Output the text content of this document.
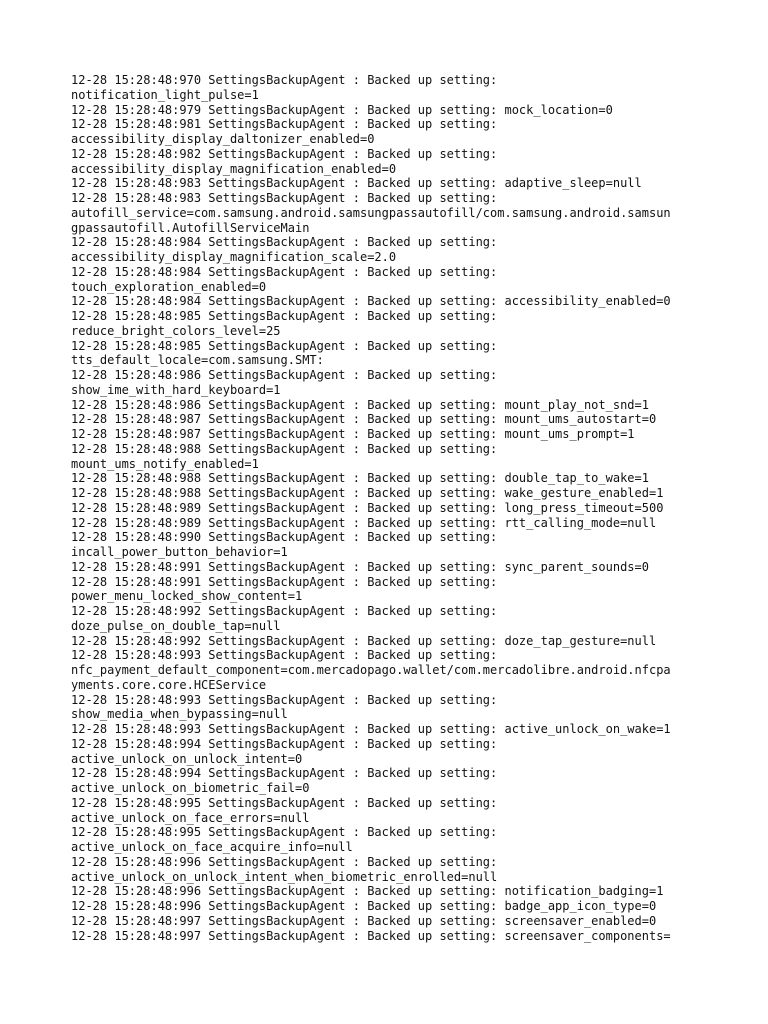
12-28 15:28:48:970 SettingsBackupAgent : Backed up setting:
notification_light_pulse=1
12-28 15:28:48:979 SettingsBackupAgent : Backed up setting: mock_location=0
12-28 15:28:48:981 SettingsBackupAgent : Backed up setting:
accessibility_display_daltonizer_enabled=0
12-28 15:28:48:982 SettingsBackupAgent : Backed up setting:
accessibility_display_magnification_enabled=0
12-28 15:28:48:983 SettingsBackupAgent : Backed up setting: adaptive_sleep=null
12-28 15:28:48:983 SettingsBackupAgent : Backed up setting:
autofill_service=com.samsung.android.samsungpassautofill/com.samsung.android.samsun
gpassautofill.AutofillServiceMain
12-28 15:28:48:984 SettingsBackupAgent : Backed up setting:
accessibility_display_magnification_scale=2.0
12-28 15:28:48:984 SettingsBackupAgent : Backed up setting:
touch_exploration_enabled=0
12-28 15:28:48:984 SettingsBackupAgent : Backed up setting: accessibility_enabled=0
12-28 15:28:48:985 SettingsBackupAgent : Backed up setting:
reduce_bright_colors_level=25
12-28 15:28:48:985 SettingsBackupAgent : Backed up setting:
tts_default_locale=com.samsung.SMT:
12-28 15:28:48:986 SettingsBackupAgent : Backed up setting:
show_ime_with_hard_keyboard=1
12-28 15:28:48:986 SettingsBackupAgent : Backed up setting: mount_play_not_snd=1
12-28 15:28:48:987 SettingsBackupAgent : Backed up setting: mount_ums_autostart=0
12-28 15:28:48:987 SettingsBackupAgent : Backed up setting: mount_ums_prompt=1
12-28 15:28:48:988 SettingsBackupAgent : Backed up setting:
mount_ums_notify_enabled=1
12-28 15:28:48:988 SettingsBackupAgent : Backed up setting: double_tap_to_wake=1
12-28 15:28:48:988 SettingsBackupAgent : Backed up setting: wake_gesture_enabled=1
12-28 15:28:48:989 SettingsBackupAgent : Backed up setting: long_press_timeout=500
12-28 15:28:48:989 SettingsBackupAgent : Backed up setting: rtt_calling_mode=null
12-28 15:28:48:990 SettingsBackupAgent : Backed up setting:
incall_power_button_behavior=1
12-28 15:28:48:991 SettingsBackupAgent : Backed up setting: sync_parent_sounds=0
12-28 15:28:48:991 SettingsBackupAgent : Backed up setting:
power_menu_locked_show_content=1
12-28 15:28:48:992 SettingsBackupAgent : Backed up setting:
doze_pulse_on_double_tap=null
12-28 15:28:48:992 SettingsBackupAgent : Backed up setting: doze_tap_gesture=null
12-28 15:28:48:993 SettingsBackupAgent : Backed up setting:
nfc_payment_default_component=com.mercadopago.wallet/com.mercadolibre.android.nfcpa
yments.core.core.HCEService
12-28 15:28:48:993 SettingsBackupAgent : Backed up setting:
show_media_when_bypassing=null
12-28 15:28:48:993 SettingsBackupAgent : Backed up setting: active_unlock_on_wake=1
12-28 15:28:48:994 SettingsBackupAgent : Backed up setting:
active_unlock_on_unlock_intent=0
12-28 15:28:48:994 SettingsBackupAgent : Backed up setting:
active_unlock_on_biometric_fail=0
12-28 15:28:48:995 SettingsBackupAgent : Backed up setting:
active_unlock_on_face_errors=null
12-28 15:28:48:995 SettingsBackupAgent : Backed up setting:
active_unlock_on_face_acquire_info=null
12-28 15:28:48:996 SettingsBackupAgent : Backed up setting:
active_unlock_on_unlock_intent_when_biometric_enrolled=null
12-28 15:28:48:996 SettingsBackupAgent : Backed up setting: notification_badging=1
12-28 15:28:48:996 SettingsBackupAgent : Backed up setting: badge_app_icon_type=0
12-28 15:28:48:997 SettingsBackupAgent : Backed up setting: screensaver_enabled=0
12-28 15:28:48:997 SettingsBackupAgent : Backed up setting: screensaver_components=
